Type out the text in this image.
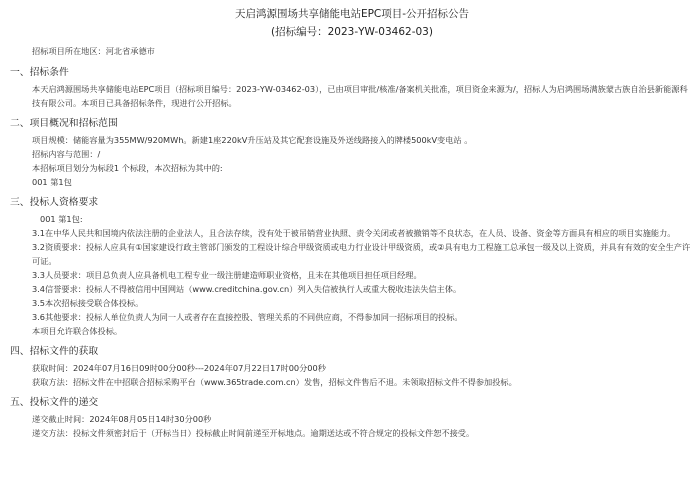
天启鸿源围场共享储能电站EPC项目-公开招标公告
(招标编号：2023-YW-03462-03)
招标项目所在地区：河北省承德市
一、招标条件

本天启鸿源围场共享储能电站EPC项目（招标项目编号：2023-YW-03462-03），已由项目审批/核准/备案机关批准，项目资金来源为/，招标人为启鸿围场满族蒙古族自治县新能源科技有限公司。本项目已具备招标条件，现进行公开招标。

二、项目概况和招标范围

项目规模：储能容量为355MW/920MWh。新建1座220kV升压站及其它配套设施及外送线路接入的牌楼500kV变电站 。

招标内容与范围：/

本招标项目划分为标段1 个标段，本次招标为其中的:

001 第1包

三、投标人资格要求

001 第1包:

3.1在中华人民共和国境内依法注册的企业法人，且合法存续，没有处于被吊销营业执照、责令关闭或者被撤销等不良状态，在人员、设备、资金等方面具有相应的项目实施能力。

3.2资质要求：投标人应具有①国家建设行政主管部门颁发的工程设计综合甲级资质或电力行业设计甲级资质，或②具有电力工程施工总承包一级及以上资质，并具有有效的安全生产许可证。

3.3人员要求：项目总负责人应具备机电工程专业一级注册建造师职业资格，且未在其他项目担任项目经理。

3.4信誉要求：投标人不得被信用中国网站（www.creditchina.gov.cn）列入失信被执行人或重大税收违法失信主体。

3.5本次招标接受联合体投标。

3.6其他要求：投标人单位负责人为同一人或者存在直接控股、管理关系的不同供应商，不得参加同一招标项目的投标。

本项目允许联合体投标。

四、招标文件的获取

获取时间：2024年07月16日09时00分00秒---2024年07月22日17时00分00秒

获取方法：招标文件在中招联合招标采购平台（www.365trade.com.cn）发售，招标文件售后不退。未领取招标文件不得参加投标。

五、投标文件的递交

递交截止时间：2024年08月05日14时30分00秒

递交方法：投标文件须密封后于（开标当日）投标截止时间前递至开标地点。逾期送达或不符合规定的投标文件恕不接受。
